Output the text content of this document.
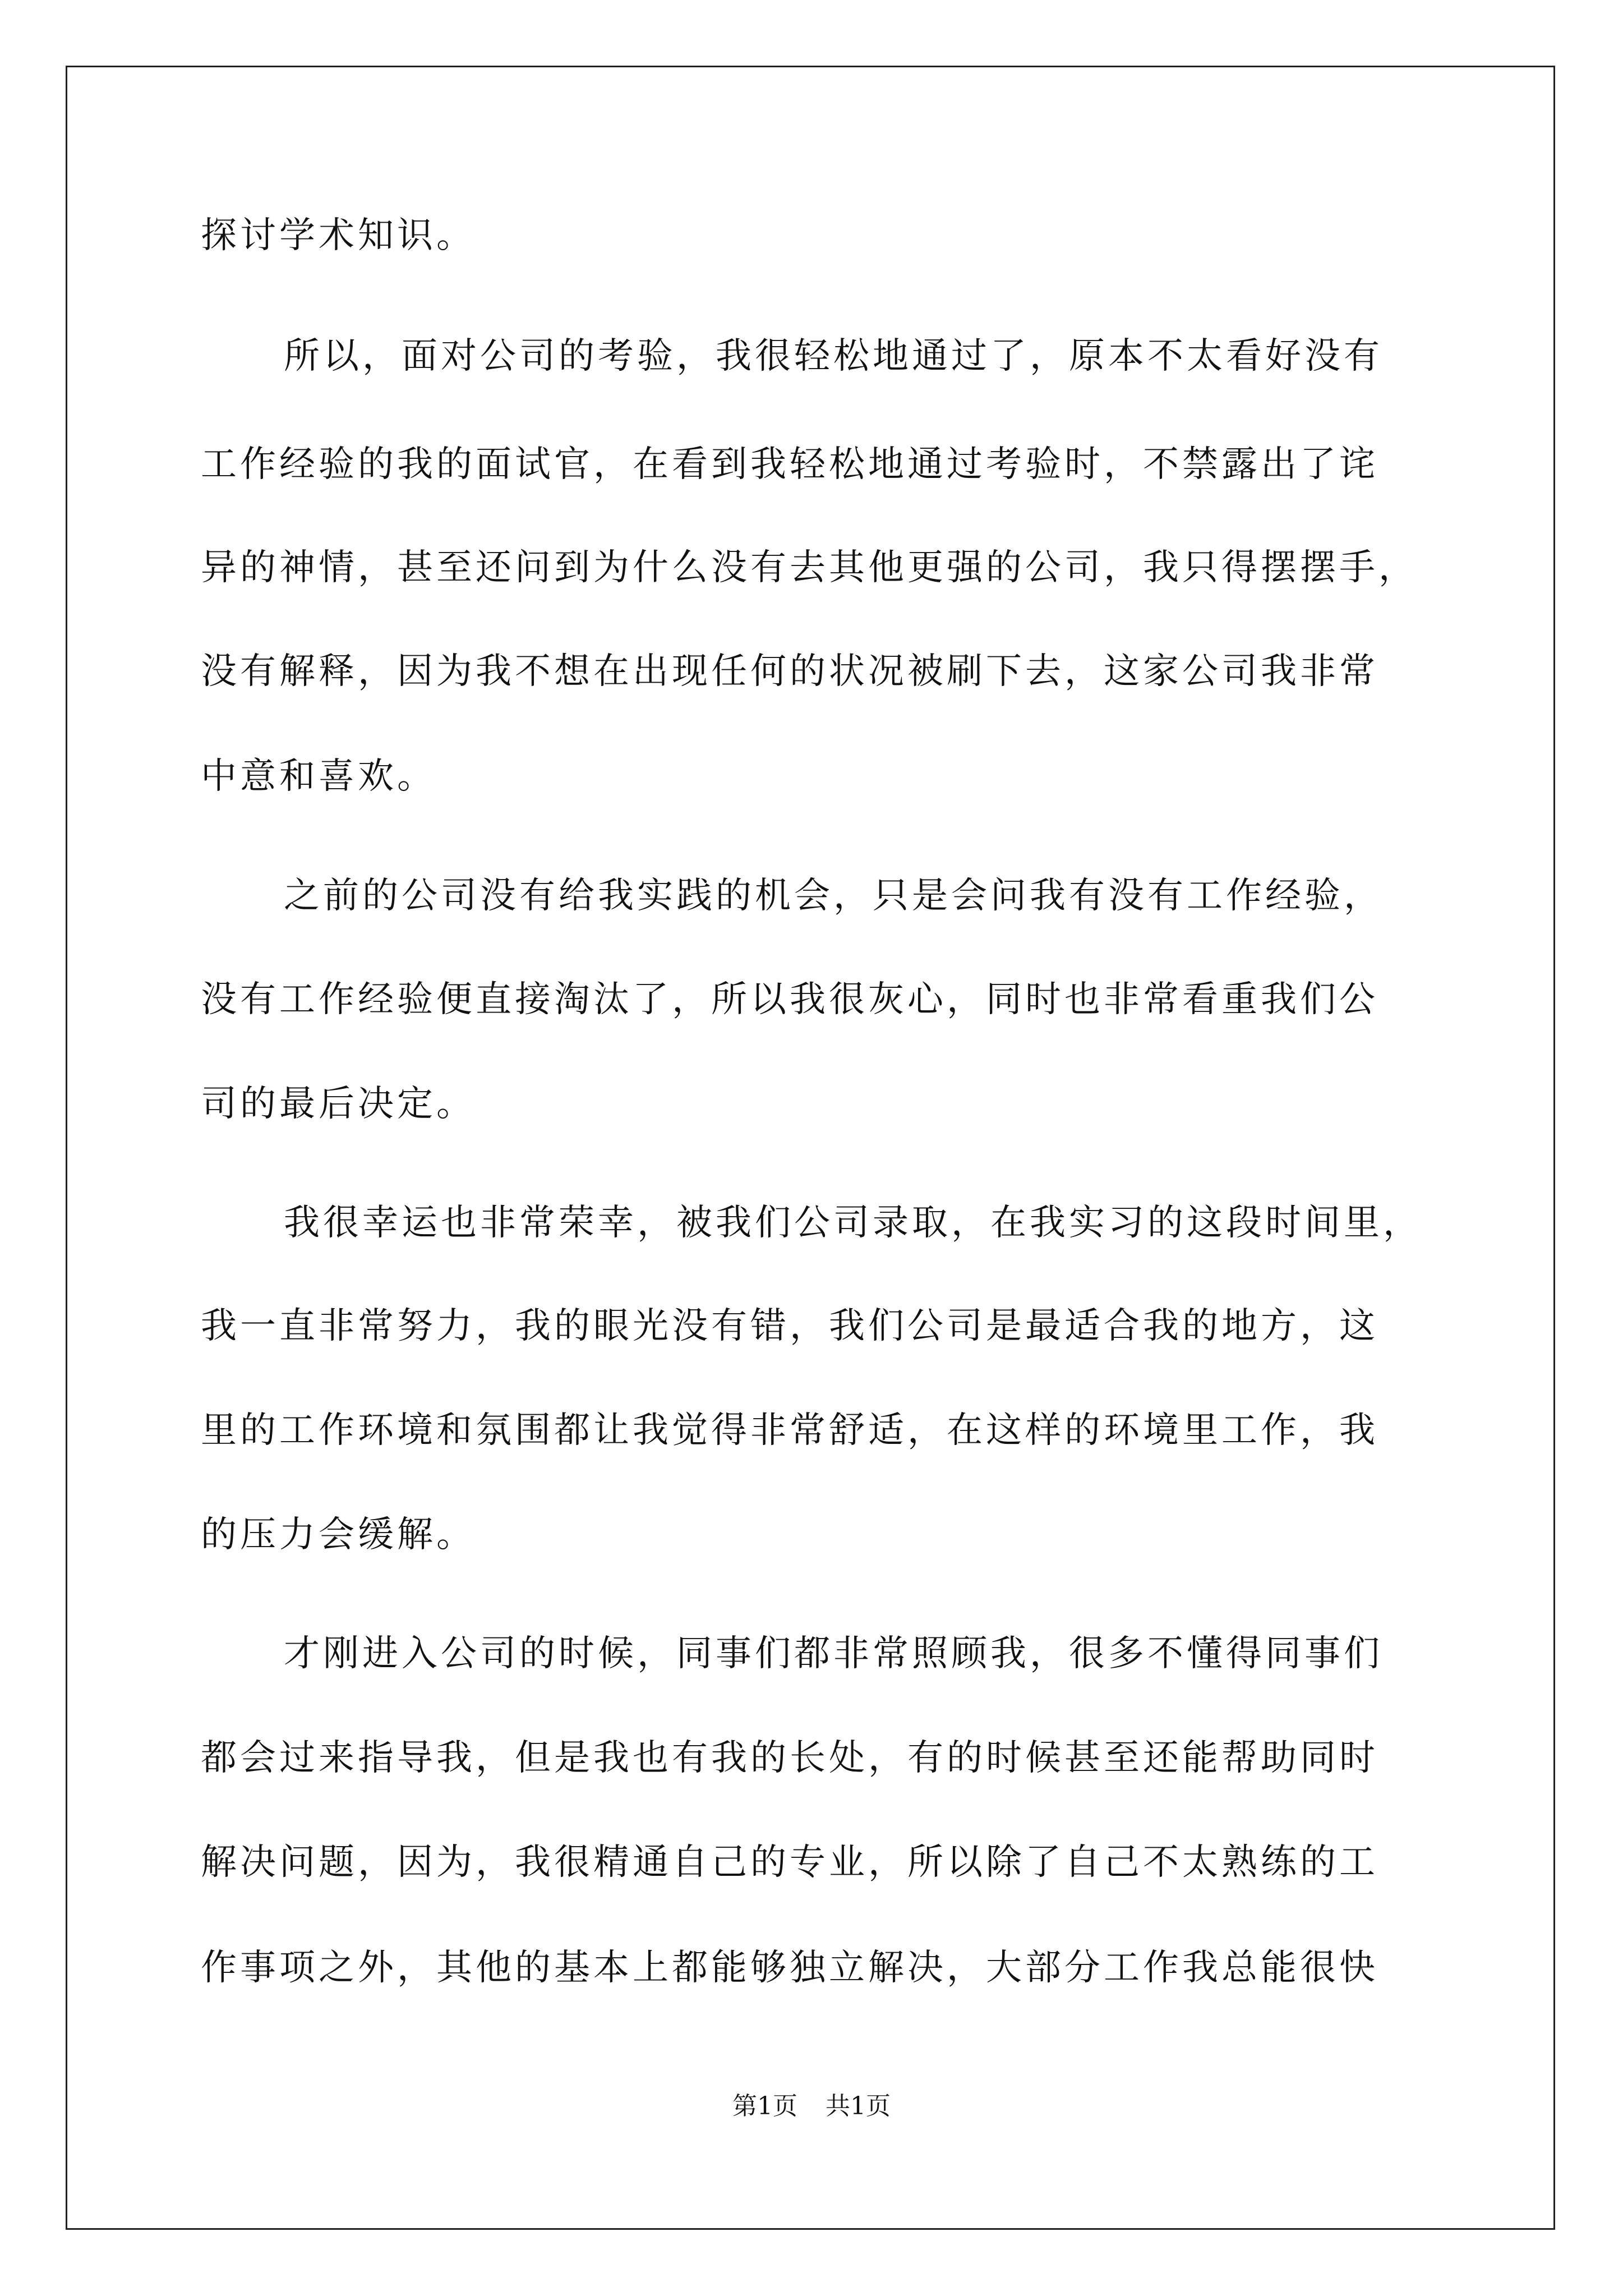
探讨学术知识。
所以，面对公司的考验，我很轻松地通过了，原本不太看好没有
工作经验的我的面试官，在看到我轻松地通过考验时，不禁露出了诧
异的神情，甚至还问到为什么没有去其他更强的公司，我只得摆摆手，
没有解释，因为我不想在出现任何的状况被刷下去，这家公司我非常
中意和喜欢。
之前的公司没有给我实践的机会，只是会问我有没有工作经验，
没有工作经验便直接淘汰了，所以我很灰心，同时也非常看重我们公
司的最后决定。
我很幸运也非常荣幸，被我们公司录取，在我实习的这段时间里，
我一直非常努力，我的眼光没有错，我们公司是最适合我的地方，这
里的工作环境和氛围都让我觉得非常舒适，在这样的环境里工作，我
的压力会缓解。
才刚进入公司的时候，同事们都非常照顾我，很多不懂得同事们
都会过来指导我，但是我也有我的长处，有的时候甚至还能帮助同时
解决问题，因为，我很精通自己的专业，所以除了自己不太熟练的工
作事项之外，其他的基本上都能够独立解决，大部分工作我总能很快
第1页 共1页
